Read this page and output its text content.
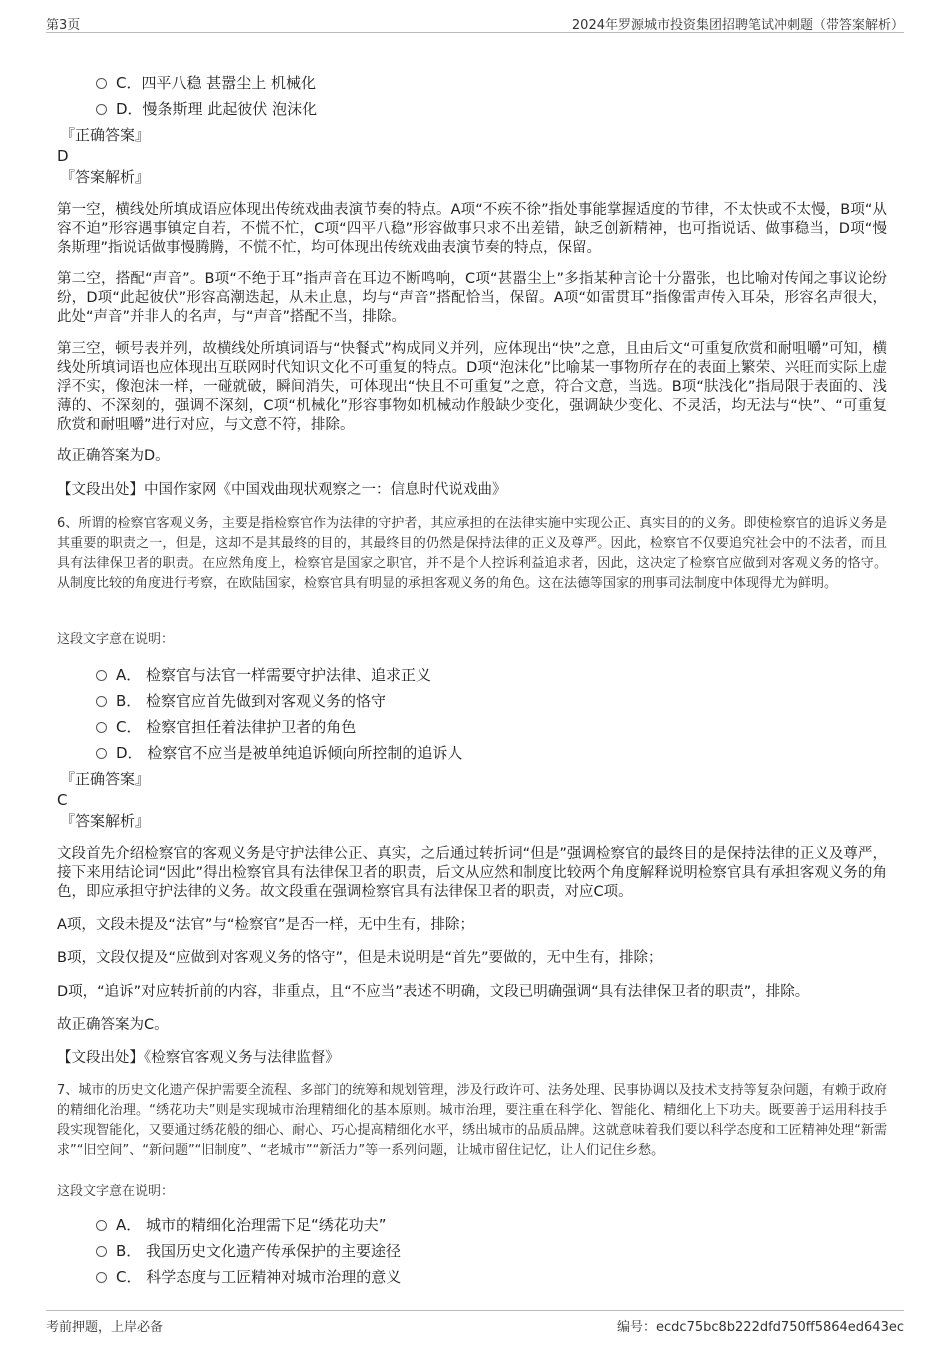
第3页	2024年罗源城市投资集团招聘笔试冲刺题（带答案解析）
C．四平八稳 甚嚣尘上 机械化
D．慢条斯理 此起彼伏 泡沫化
『正确答案』
D
『答案解析』
第一空，横线处所填成语应体现出传统戏曲表演节奏的特点。A项“不疾不徐”指处事能掌握适度的节律，不太快或不太慢，B项“从容不迫”形容遇事镇定自若，不慌不忙，C项“四平八稳”形容做事只求不出差错，缺乏创新精神，也可指说话、做事稳当，D项“慢条斯理”指说话做事慢腾腾，不慌不忙，均可体现出传统戏曲表演节奏的特点，保留。
第二空，搭配“声音”。B项“不绝于耳”指声音在耳边不断鸣响，C项“甚嚣尘上”多指某种言论十分嚣张，也比喻对传闻之事议论纷纷，D项“此起彼伏”形容高潮迭起，从未止息，均与“声音”搭配恰当，保留。A项“如雷贯耳”指像雷声传入耳朵，形容名声很大，此处“声音”并非人的名声，与“声音”搭配不当，排除。
第三空，顿号表并列，故横线处所填词语与“快餐式”构成同义并列，应体现出“快”之意，且由后文“可重复欣赏和耐咀嚼”可知，横线处所填词语也应体现出互联网时代知识文化不可重复的特点。D项“泡沫化”比喻某一事物所存在的表面上繁荣、兴旺而实际上虚浮不实，像泡沫一样，一碰就破，瞬间消失，可体现出“快且不可重复”之意，符合文意，当选。B项“肤浅化”指局限于表面的、浅薄的、不深刻的，强调不深刻，C项“机械化”形容事物如机械动作般缺少变化，强调缺少变化、不灵活，均无法与“快”、“可重复欣赏和耐咀嚼”进行对应，与文意不符，排除。
故正确答案为D。
【文段出处】中国作家网《中国戏曲现状观察之一：信息时代说戏曲》
6、所谓的检察官客观义务，主要是指检察官作为法律的守护者，其应承担的在法律实施中实现公正、真实目的的义务。即使检察官的追诉义务是其重要的职责之一，但是，这却不是其最终的目的，其最终目的仍然是保持法律的正义及尊严。因此，检察官不仅要追究社会中的不法者，而且具有法律保卫者的职责。在应然角度上，检察官是国家之职官，并不是个人控诉利益追求者，因此，这决定了检察官应做到对客观义务的恪守。从制度比较的角度进行考察，在欧陆国家，检察官具有明显的承担客观义务的角色。这在法德等国家的刑事司法制度中体现得尤为鲜明。
这段文字意在说明：
A． 检察官与法官一样需要守护法律、追求正义
B． 检察官应首先做到对客观义务的恪守
C． 检察官担任着法律护卫者的角色
D． 检察官不应当是被单纯追诉倾向所控制的追诉人
『正确答案』
C
『答案解析』
文段首先介绍检察官的客观义务是守护法律公正、真实，之后通过转折词“但是”强调检察官的最终目的是保持法律的正义及尊严，接下来用结论词“因此”得出检察官具有法律保卫者的职责，后文从应然和制度比较两个角度解释说明检察官具有承担客观义务的角色，即应承担守护法律的义务。故文段重在强调检察官具有法律保卫者的职责，对应C项。
A项，文段未提及“法官”与“检察官”是否一样，无中生有，排除；
B项，文段仅提及“应做到对客观义务的恪守”，但是未说明是“首先”要做的，无中生有，排除；
D项，“追诉”对应转折前的内容，非重点，且“不应当”表述不明确，文段已明确强调“具有法律保卫者的职责”，排除。
故正确答案为C。
【文段出处】《检察官客观义务与法律监督》
7、城市的历史文化遗产保护需要全流程、多部门的统筹和规划管理，涉及行政许可、法务处理、民事协调以及技术支持等复杂问题，有赖于政府的精细化治理。“绣花功夫”则是实现城市治理精细化的基本原则。城市治理，要注重在科学化、智能化、精细化上下功夫。既要善于运用科技手段实现智能化，又要通过绣花般的细心、耐心、巧心提高精细化水平，绣出城市的品质品牌。这就意味着我们要以科学态度和工匠精神处理“新需求”“旧空间”、“新问题”“旧制度”、“老城市”“新活力”等一系列问题，让城市留住记忆，让人们记住乡愁。
这段文字意在说明：
A． 城市的精细化治理需下足“绣花功夫”
B． 我国历史文化遗产传承保护的主要途径
C． 科学态度与工匠精神对城市治理的意义
考前押题，上岸必备	编号：ecdc75bc8b222dfd750ff5864ed643ec
